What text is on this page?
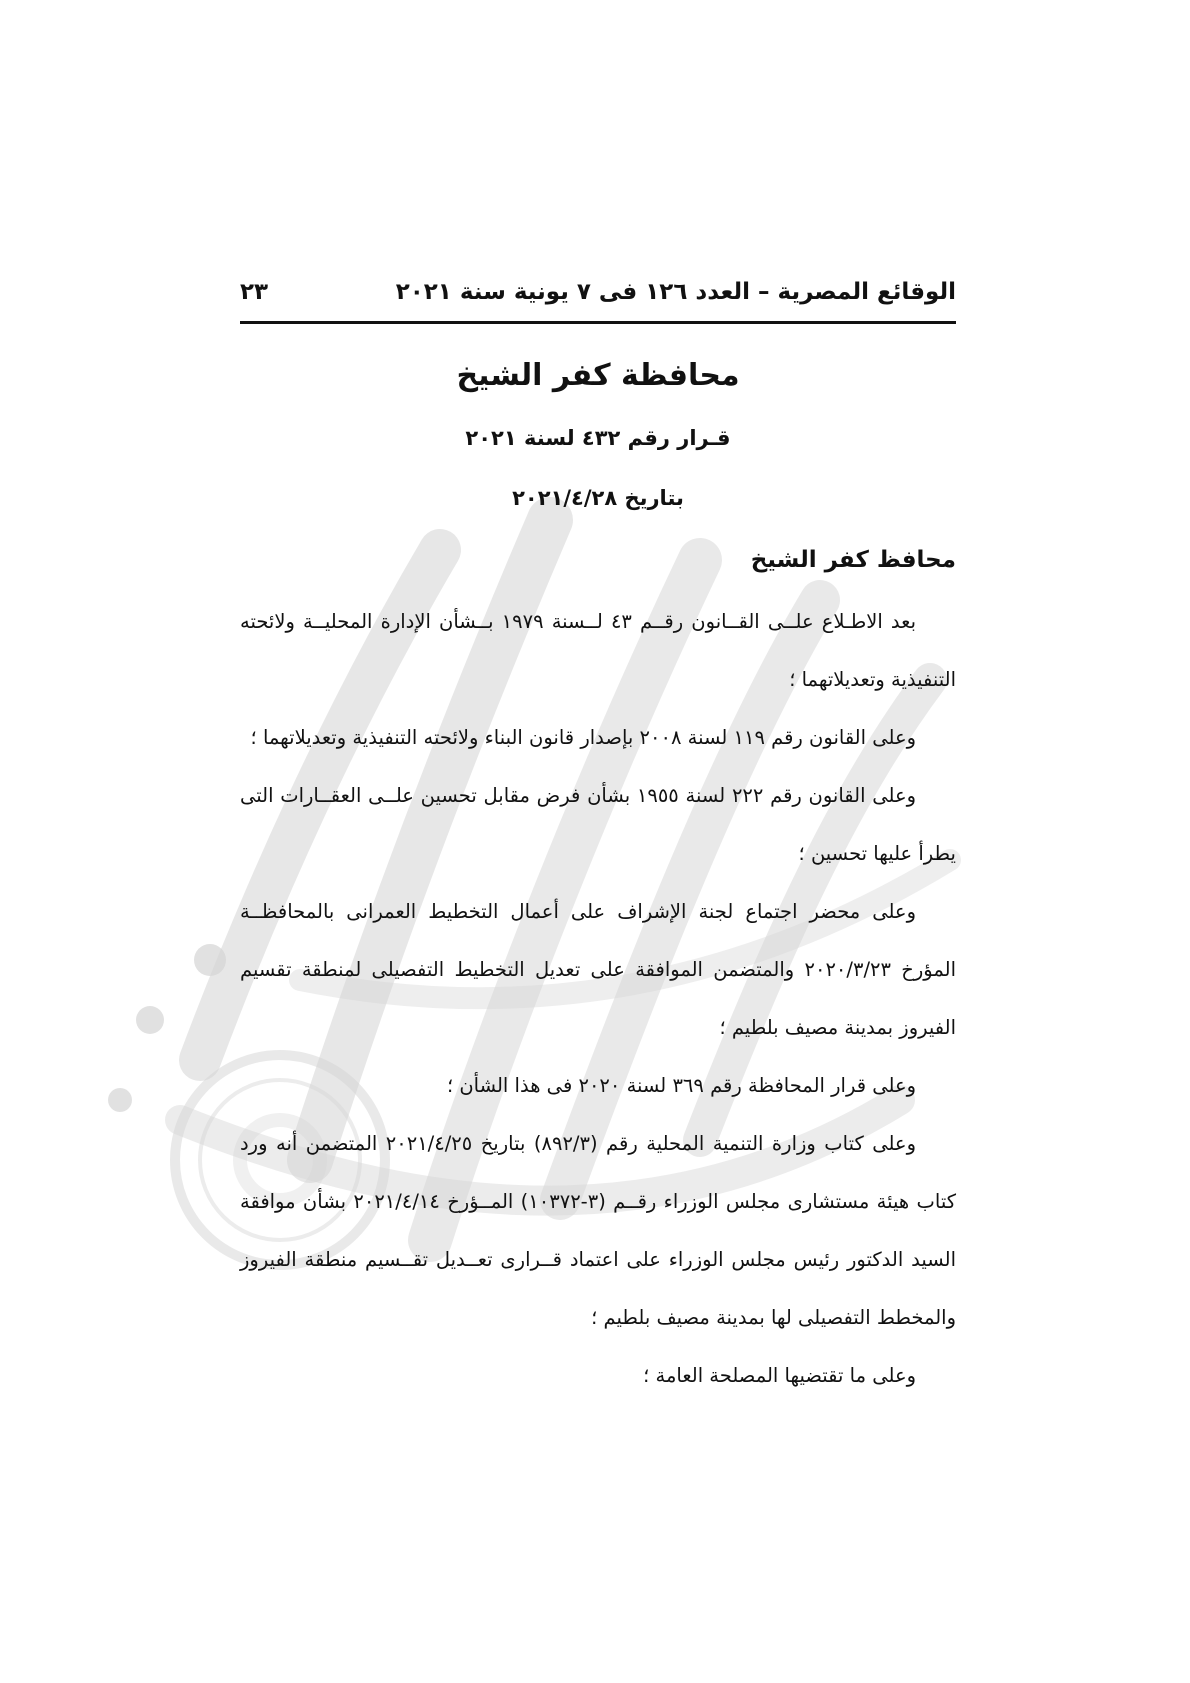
الوقائع المصرية – العدد ١٢٦ فى ٧ يونية سنة ٢٠٢١
٢٣
محافظة كفر الشيخ
قـرار رقم ٤٣٢ لسنة ٢٠٢١
بتاريخ ٢٠٢١/٤/٢٨
محافظ كفر الشيخ

بعد الاطـلاع علــى القــانون رقــم ٤٣ لــسنة ١٩٧٩ بــشأن الإدارة المحليــة ولائحته التنفيذية وتعديلاتهما ؛

وعلى القانون رقم ١١٩ لسنة ٢٠٠٨ بإصدار قانون البناء ولائحته التنفيذية وتعديلاتهما ؛

وعلى القانون رقم ٢٢٢ لسنة ١٩٥٥ بشأن فرض مقابل تحسين علــى العقــارات التى يطرأ عليها تحسين ؛

وعلى محضر اجتماع لجنة الإشراف على أعمال التخطيط العمرانى بالمحافظــة المؤرخ ٢٠٢٠/٣/٢٣ والمتضمن الموافقة على تعديل التخطيط التفصيلى لمنطقة تقسيم الفيروز بمدينة مصيف بلطيم ؛

وعلى قرار المحافظة رقم ٣٦٩ لسنة ٢٠٢٠ فى هذا الشأن ؛

وعلى كتاب وزارة التنمية المحلية رقم (٨٩٢/٣) بتاريخ ٢٠٢١/٤/٢٥ المتضمن أنه ورد كتاب هيئة مستشارى مجلس الوزراء رقــم (٣-١٠٣٧٢) المــؤرخ ٢٠٢١/٤/١٤ بشأن موافقة السيد الدكتور رئيس مجلس الوزراء على اعتماد قــرارى تعــديل تقــسيم منطقة الفيروز والمخطط التفصيلى لها بمدينة مصيف بلطيم ؛

وعلى ما تقتضيها المصلحة العامة ؛
